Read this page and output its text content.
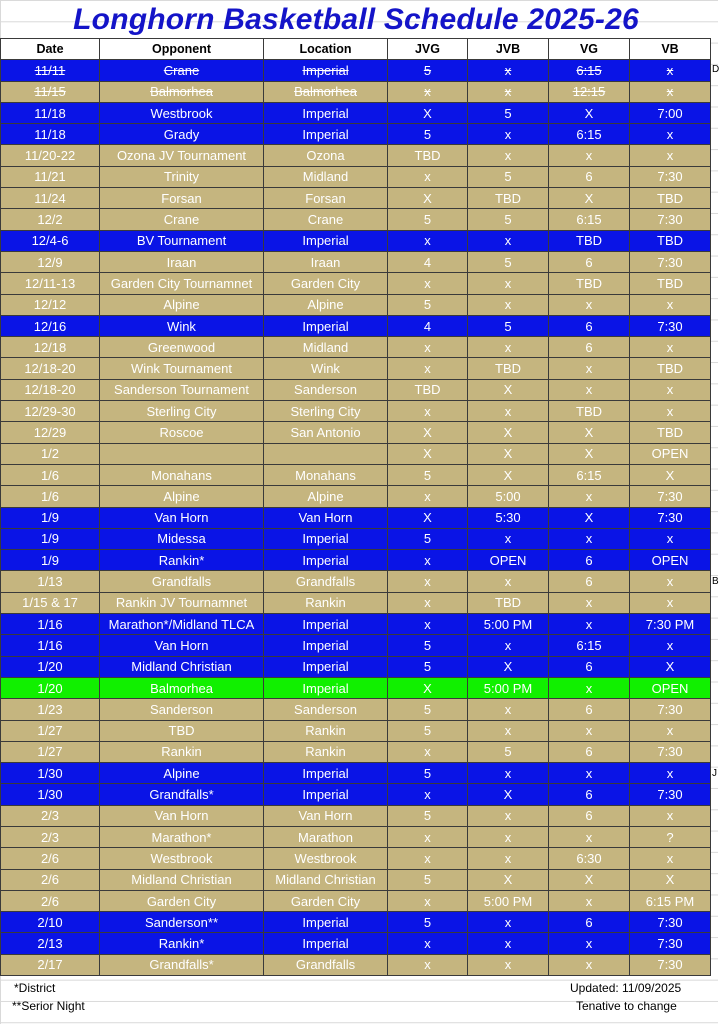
Longhorn Basketball Schedule 2025-26
Date	Opponent	Location	JVG	JVB	VG	VB
11/11	Crane	Imperial	5	x	6:15	x
11/15	Balmorhea	Balmorhea	x	x	12:15	x
11/18	Westbrook	Imperial	X	5	X	7:00
11/18	Grady	Imperial	5	x	6:15	x
11/20-22	Ozona JV Tournament	Ozona	TBD	x	x	x
11/21	Trinity	Midland	x	5	6	7:30
11/24	Forsan	Forsan	X	TBD	X	TBD
12/2	Crane	Crane	5	5	6:15	7:30
12/4-6	BV Tournament	Imperial	x	x	TBD	TBD
12/9	Iraan	Iraan	4	5	6	7:30
12/11-13	Garden City Tournamnet	Garden City	x	x	TBD	TBD
12/12	Alpine	Alpine	5	x	x	x
12/16	Wink	Imperial	4	5	6	7:30
12/18	Greenwood	Midland	x	x	6	x
12/18-20	Wink Tournament	Wink	x	TBD	x	TBD
12/18-20	Sanderson Tournament	Sanderson	TBD	X	x	x
12/29-30	Sterling City	Sterling City	x	x	TBD	x
12/29	Roscoe	San Antonio	X	X	X	TBD
1/2			X	X	X	OPEN
1/6	Monahans	Monahans	5	X	6:15	X
1/6	Alpine	Alpine	x	5:00	x	7:30
1/9	Van Horn	Van Horn	X	5:30	X	7:30
1/9	Midessa	Imperial	5	x	x	x
1/9	Rankin*	Imperial	x	OPEN	6	OPEN
1/13	Grandfalls	Grandfalls	x	x	6	x
1/15 & 17	Rankin JV Tournamnet	Rankin	x	TBD	x	x
1/16	Marathon*/Midland TLCA	Imperial	x	5:00 PM	x	7:30 PM
1/16	Van Horn	Imperial	5	x	6:15	x
1/20	Midland Christian	Imperial	5	X	6	X
1/20	Balmorhea	Imperial	X	5:00 PM	x	OPEN
1/23	Sanderson	Sanderson	5	x	6	7:30
1/27	TBD	Rankin	5	x	x	x
1/27	Rankin	Rankin	x	5	6	7:30
1/30	Alpine	Imperial	5	x	x	x
1/30	Grandfalls*	Imperial	x	X	6	7:30
2/3	Van Horn	Van Horn	5	x	6	x
2/3	Marathon*	Marathon	x	x	x	?
2/6	Westbrook	Westbrook	x	x	6:30	x
2/6	Midland Christian	Midland Christian	5	X	X	X
2/6	Garden City	Garden City	x	5:00 PM	x	6:15 PM
2/10	Sanderson**	Imperial	5	x	6	7:30
2/13	Rankin*	Imperial	x	x	x	7:30
2/17	Grandfalls*	Grandfalls	x	x	x	7:30
D
B
J
*District
**Serior Night
Updated: 11/09/2025
Tenative to change
